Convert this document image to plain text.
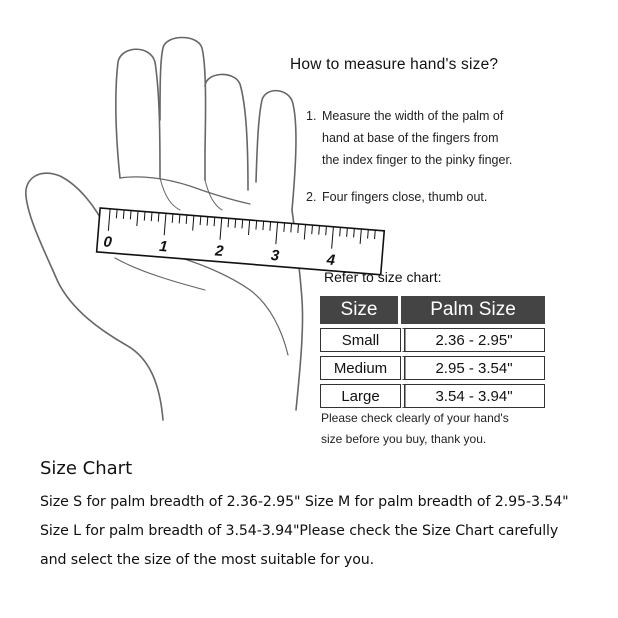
0	1	2	3	4
How to measure hand's size?
1. Measure the width of the palm of
hand at base of the fingers from
the index finger to the pinky finger.
2. Four fingers close, thumb out.
Refer to size chart:
Size	Palm Size
Small	2.36 - 2.95"
Medium	2.95 - 3.54"
Large	3.54 - 3.94"
Please check clearly of your hand's
size before you buy, thank you.
Size Chart
Size S for palm breadth of 2.36-2.95" Size M for palm breadth of 2.95-3.54"
Size L for palm breadth of 3.54-3.94"Please check the Size Chart carefully
and select the size of the most suitable for you.
